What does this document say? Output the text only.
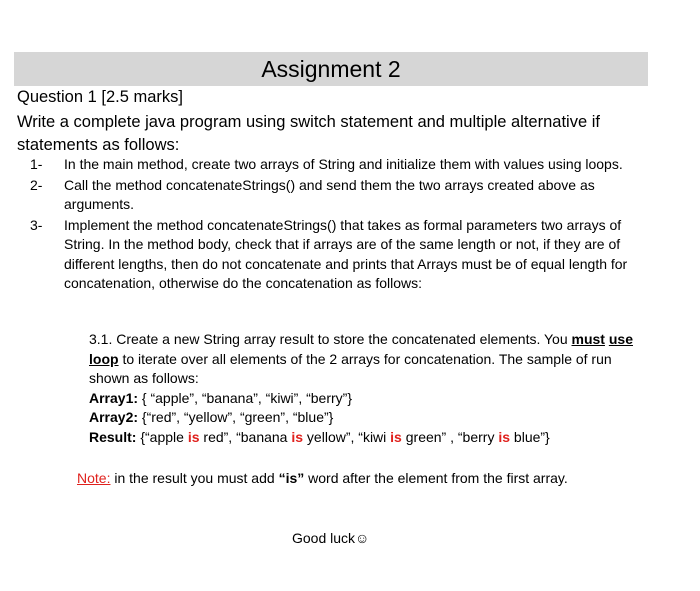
Assignment 2
Question 1 [2.5 marks]
Write a complete java program using switch statement and multiple alternative if statements as follows:
1-	In the main method, create two arrays of String and initialize them with values using loops.
2-	Call the method concatenateStrings() and send them the two arrays created above as arguments.
3-	Implement the method concatenateStrings() that takes as formal parameters two arrays of String. In the method body, check that if arrays are of the same length or not, if they are of different lengths, then do not concatenate and prints that Arrays must be of equal length for concatenation, otherwise do the concatenation as follows:
3.1. Create a new String array result to store the concatenated elements. You must use loop to iterate over all elements of the 2 arrays for concatenation. The sample of run shown as follows:
Array1: { “apple”, “banana”, “kiwi”, “berry”}
Array2: {“red”, “yellow”, “green”, “blue”}
Result: {“apple is red”, “banana is yellow”, “kiwi is green” , “berry is blue”}
Note: in the result you must add “is” word after the element from the first array.
Good luck☺
